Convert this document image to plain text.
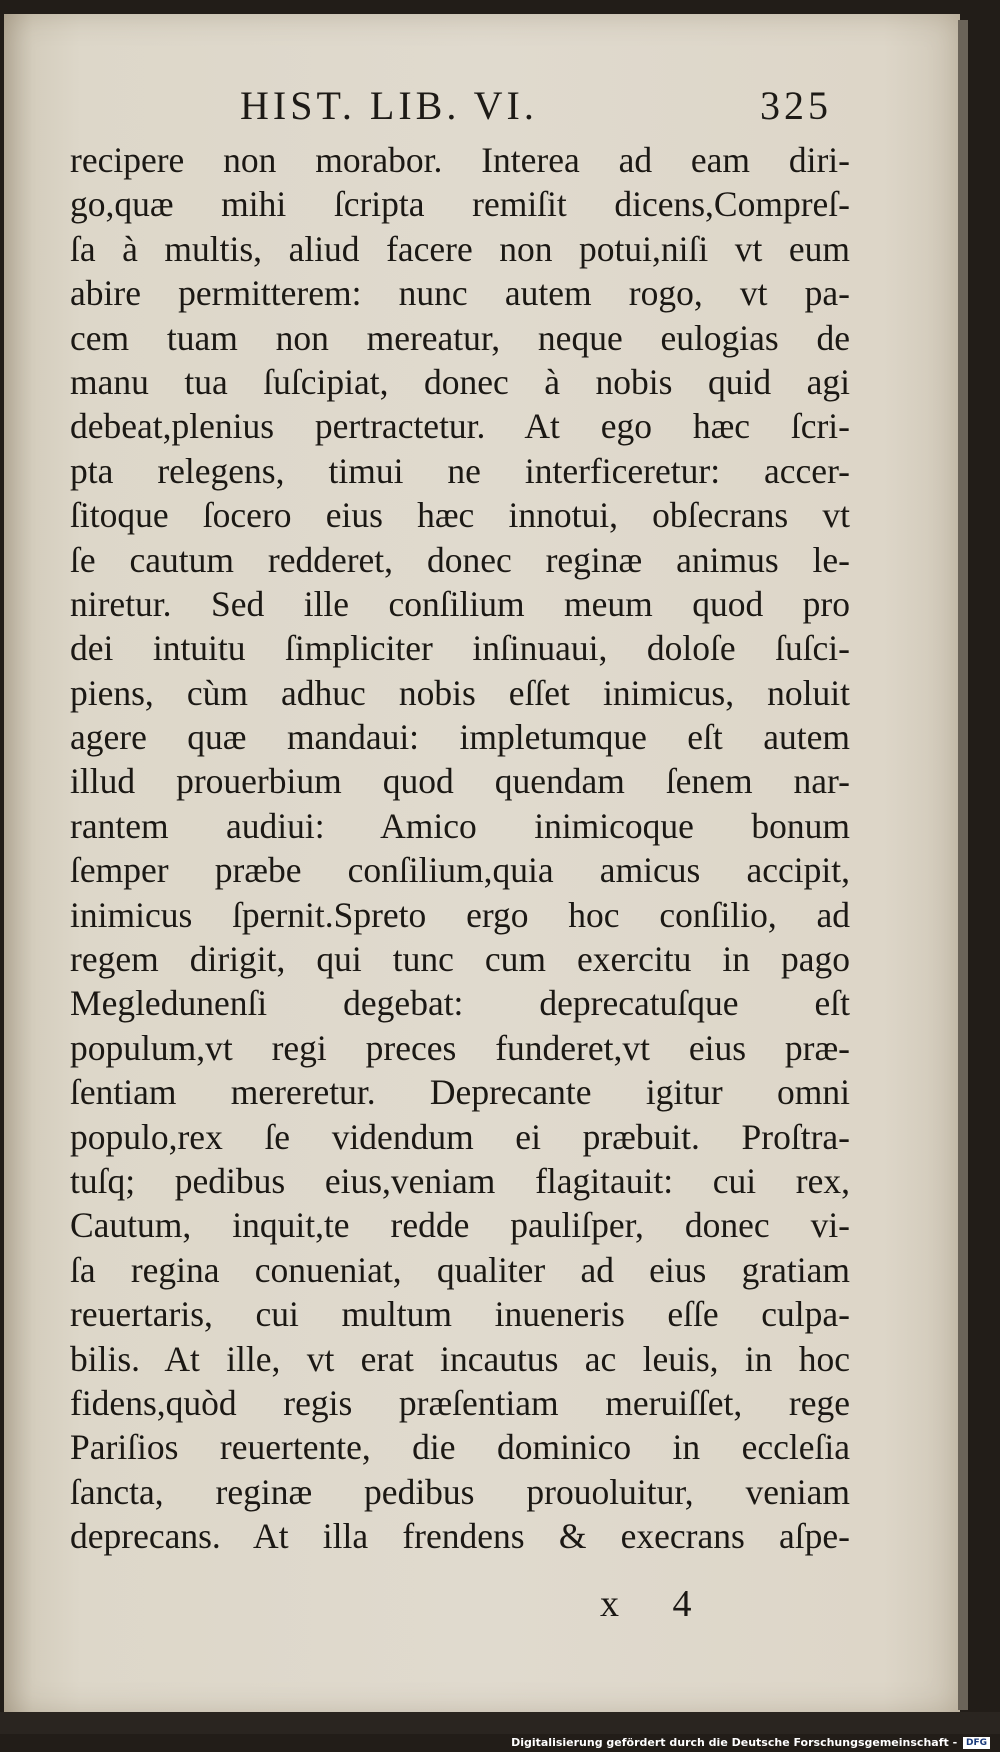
HIST. LIB. VI.	325
recipere non morabor. Interea ad eam diri-
go,quæ mihi ſcripta remiſit dicens,Compreſ-
ſa à multis, aliud facere non potui,niſi vt eum
abire permitterem: nunc autem rogo, vt pa-
cem tuam non mereatur, neque eulogias de
manu tua ſuſcipiat, donec à nobis quid agi
debeat,plenius pertractetur. At ego hæc ſcri-
pta relegens, timui ne interficeretur: accer-
ſitoque ſocero eius hæc innotui, obſecrans vt
ſe cautum redderet, donec reginæ animus le-
niretur. Sed ille conſilium meum quod pro
dei intuitu ſimpliciter inſinuaui, doloſe ſuſci-
piens, cùm adhuc nobis eſſet inimicus, noluit
agere quæ mandaui: impletumque eſt autem
illud prouerbium quod quendam ſenem nar-
rantem audiui: Amico inimicoque bonum
ſemper præbe conſilium,quia amicus accipit,
inimicus ſpernit.Spreto ergo hoc conſilio, ad
regem dirigit, qui tunc cum exercitu in pago
Megledunenſi degebat: deprecatuſque eſt
populum,vt regi preces funderet,vt eius præ-
ſentiam mereretur. Deprecante igitur omni
populo,rex ſe videndum ei præbuit. Proſtra-
tuſq; pedibus eius,veniam flagitauit: cui rex,
Cautum, inquit,te redde pauliſper, donec vi-
ſa regina conueniat, qualiter ad eius gratiam
reuertaris, cui multum inueneris eſſe culpa-
bilis. At ille, vt erat incautus ac leuis, in hoc
fidens,quòd regis præſentiam meruiſſet, rege
Pariſios reuertente, die dominico in eccleſia
ſancta, reginæ pedibus prouoluitur, veniam
deprecans. At illa frendens & execrans aſpe-
x 4
Digitalisierung gefördert durch die Deutsche Forschungsgemeinschaft - DFG
